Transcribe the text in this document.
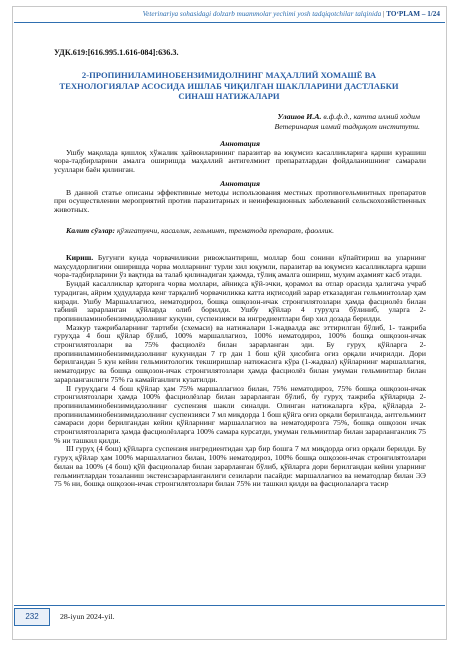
Veterinariya sohasidagi dolzarb muammolar yechimi yosh tadqiqotchilar talqinida | TOʻPLAM – 1/24
УДК.619:[616.995.1.616-084]:636.3.
2-ПРОПИНИЛАМИНОБЕНЗИМИДОЛНИНГ МАҲАЛЛИЙ ХОМАШЁ ВА ТЕХНОЛОГИЯЛАР АСОСИДА ИШЛАБ ЧИҚИЛГАН ШАКЛЛАРИНИ ДАСТЛАБКИ СИНАШ НАТИЖАЛАРИ
Улашов И.А. в.ф.ф.д., катта илмий ходим
Ветеринария илмий тадқиқот институти.
Аннотация

Ушбу мақолада қишлоқ хўжалик ҳайвонларининг паразитар ва юқумсиз касалликларига қарши курашиш чора-тадбирларини амалга оширишда маҳаллий антигелминт препаратлардан фойдаланишнинг самарали усуллари баён қилинган.

Аннотация

В данной статье описаны эффективные методы использования местных противогельминтных препаратов при осуществлении мероприятий против паразитарных и неинфекционных заболеваний сельскохозяйственных животных.

Калит сўзлар: қўзигатувчи, касаллик, гельминт, трематода препарат, фаоллик.

Кириш. Бугунги кунда чорвачиликни ривожлантириш, моллар бош сонини кўпайтириш ва уларнинг маҳсулдорлигини оширишда чорва молларнинг турли хил юқумли, паразитар ва юқумсиз касалликларга қарши чора-тадбирларини ўз вақтида ва талаб қилинадиган ҳажмда, тўлиқ амалга ошириш, муҳим аҳамият касб этади.

Бундай касалликлар қаторига чорва моллари, айниқса қўй-эчки, қорамол ва отлар орасида ҳалигача учраб турадиган, айрим ҳудудларда кенг тарқалиб чорвачиликка катта иқтисодий зарар етказадиган гельминтозлар ҳам киради. Ушбу Маршаллагиоз, нематодироз, бошқа ошқозон-ичак стронгилятозлари ҳамда фасциолёз билан табиий зарарланган қўйларда олиб борилди. Ушбу қўйлар 4 гуруҳга бўлиниб, уларга 2-пропиниламинобензимидазолнинг кукуни, суспензияси ва ингредиентлари бир хил дозада берилди.

Мазкур тажрибаларнинг тартиби (схемаси) ва натижалари 1-жадвалда акс эттирилган бўлиб, 1- тажриба гуруҳда 4 бош қўйлар бўлиб, 100% маршаллагиоз, 100% нематодироз, 100% бошқа ошқозон-ичак стронгилятозлари ва 75% фасциолёз билан зарарланган эди. Бу гуруҳ қўйларга 2-пропиниламинобензимидазолнинг кукунидан 7 гр дан 1 бош қўй ҳисобига оғиз орқали ичирилди. Дори берилгандан 5 кун кейин гельминтологик текширишлар натижасига кўра (1-жадвал) қўйларнинг маршаллагия, нематодирус ва бошқа ошқозон-ичак стронгилятозлари ҳамда фасциолёз билан умуман гельминтлар билан зарарланганлиги 75% га камайганлиги кузатилди.

II гуруҳдаги 4 бош қўйлар ҳам 75% маршаллагиоз билан, 75% нематодироз, 75% бошқа ошқозон-ичак стронгилятозлари ҳамда 100% фасциолёзлар билан зарарланган бўлиб, бу гуруҳ тажриба қўйларида 2-пропиниламинобензимидазолнинг суспензия шакли синалди. Олинган натижаларга кўра, қўйларда 2- пропиниламинобензимидазолнинг суспензияси 7 мл миқдорда 1 бош қўйга оғиз орқали берилганда, антгельминт самараси дори берилгандан кейин қўйларнинг маршаллагиоз ва нематодирозга 75%, бошқа ошқозон ичак стронгилятозларига ҳамда фасциолёзларга 100% самара курсатди, умуман гельминтлар билан зарарланганлик 75 % ни ташкил қилди.

III гуруҳ (4 бош) қўйларга суспензия ингредиентидан ҳар бир бошга 7 мл миқдорда оғиз орқали берилди. Бу гуруҳ қўйлар ҳам 100% маршаллагиоз билан, 100% нематодироз, 100% бошқа ошқозон-ичак стронгилятозлари билан ва 100% (4 бош) қўй фасциолалар билан зарарланган бўлиб, қўйларга дори берилгандан кейин уларнинг гельминтлардан тозаланиш экстенсзарарланганлиги сезиларли пасайди: маршаллагиоз ва нематодлар билан ЭЭ 75 % ни, бошқа ошқозон-ичак стронгилятозлари билан 75% ни ташкил қилди ва фасциолаларга тасир

232	28-iyun 2024-yil.
